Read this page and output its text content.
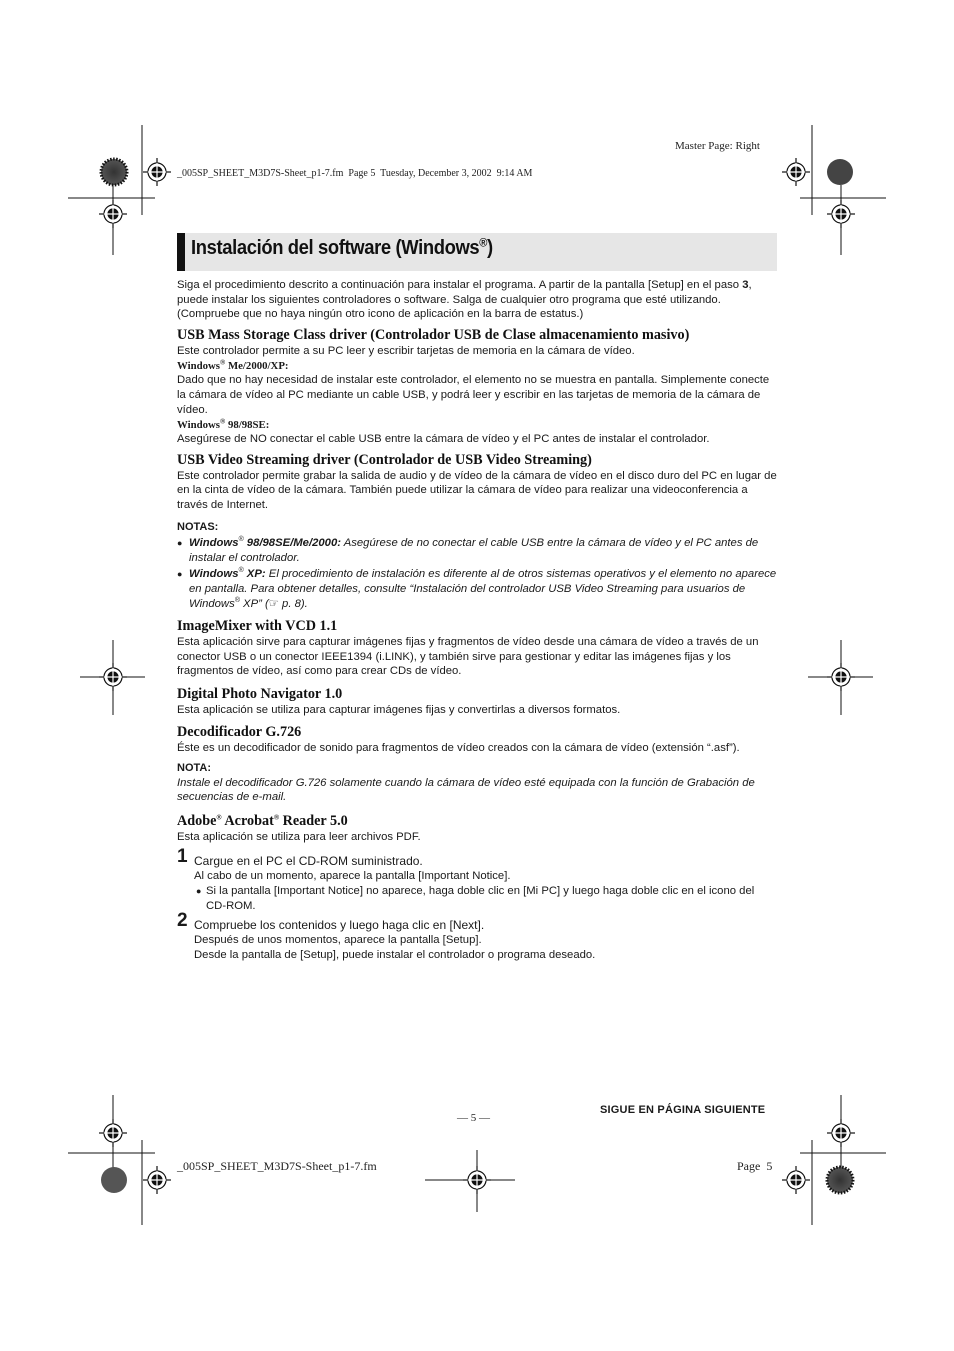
Master Page: Right
_005SP_SHEET_M3D7S-Sheet_p1-7.fm  Page 5  Tuesday, December 3, 2002  9:14 AM
Instalación del software (Windows®)

Siga el procedimiento descrito a continuación para instalar el programa. A partir de la pantalla [Setup] en el paso 3, puede instalar los siguientes controladores o software. Salga de cualquier otro programa que esté utilizando. (Compruebe que no haya ningún otro icono de aplicación en la barra de estatus.)

USB Mass Storage Class driver (Controlador USB de Clase almacenamiento masivo)

Este controlador permite a su PC leer y escribir tarjetas de memoria en la cámara de vídeo.

Windows® Me/2000/XP:

Dado que no hay necesidad de instalar este controlador, el elemento no se muestra en pantalla. Simplemente conecte la cámara de vídeo al PC mediante un cable USB, y podrá leer y escribir en las tarjetas de memoria de la cámara de vídeo.

Windows® 98/98SE:

Asegúrese de NO conectar el cable USB entre la cámara de vídeo y el PC antes de instalar el controlador.

USB Video Streaming driver (Controlador de USB Video Streaming)

Este controlador permite grabar la salida de audio y de vídeo de la cámara de vídeo en el disco duro del PC en lugar de en la cinta de vídeo de la cámara. También puede utilizar la cámara de vídeo para realizar una videoconferencia a través de Internet.

NOTAS:
● Windows® 98/98SE/Me/2000: Asegúrese de no conectar el cable USB entre la cámara de vídeo y el PC antes de instalar el controlador.
● Windows® XP: El procedimiento de instalación es diferente al de otros sistemas operativos y el elemento no aparece en pantalla. Para obtener detalles, consulte “Instalación del controlador USB Video Streaming para usuarios de Windows® XP” (☞ p. 8).
ImageMixer with VCD 1.1

Esta aplicación sirve para capturar imágenes fijas y fragmentos de vídeo desde una cámara de vídeo a través de un conector USB o un conector IEEE1394 (i.LINK), y también sirve para gestionar y editar las imágenes fijas y los fragmentos de vídeo, así como para crear CDs de vídeo.

Digital Photo Navigator 1.0

Esta aplicación se utiliza para capturar imágenes fijas y convertirlas a diversos formatos.

Decodificador G.726

Éste es un decodificador de sonido para fragmentos de vídeo creados con la cámara de vídeo (extensión “.asf”).

NOTA:

Instale el decodificador G.726 solamente cuando la cámara de vídeo esté equipada con la función de Grabación de secuencias de e-mail.

Adobe® Acrobat® Reader 5.0

Esta aplicación se utiliza para leer archivos PDF.

1 Cargue en el PC el CD-ROM suministrado.

Al cabo de un momento, aparece la pantalla [Important Notice].

● Si la pantalla [Important Notice] no aparece, haga doble clic en [Mi PC] y luego haga doble clic en el icono del CD-ROM.
2 Compruebe los contenidos y luego haga clic en [Next].

Después de unos momentos, aparece la pantalla [Setup].

Desde la pantalla de [Setup], puede instalar el controlador o programa deseado.

— 5 —
SIGUE EN PÁGINA SIGUIENTE
_005SP_SHEET_M3D7S-Sheet_p1-7.fm	Page  5
